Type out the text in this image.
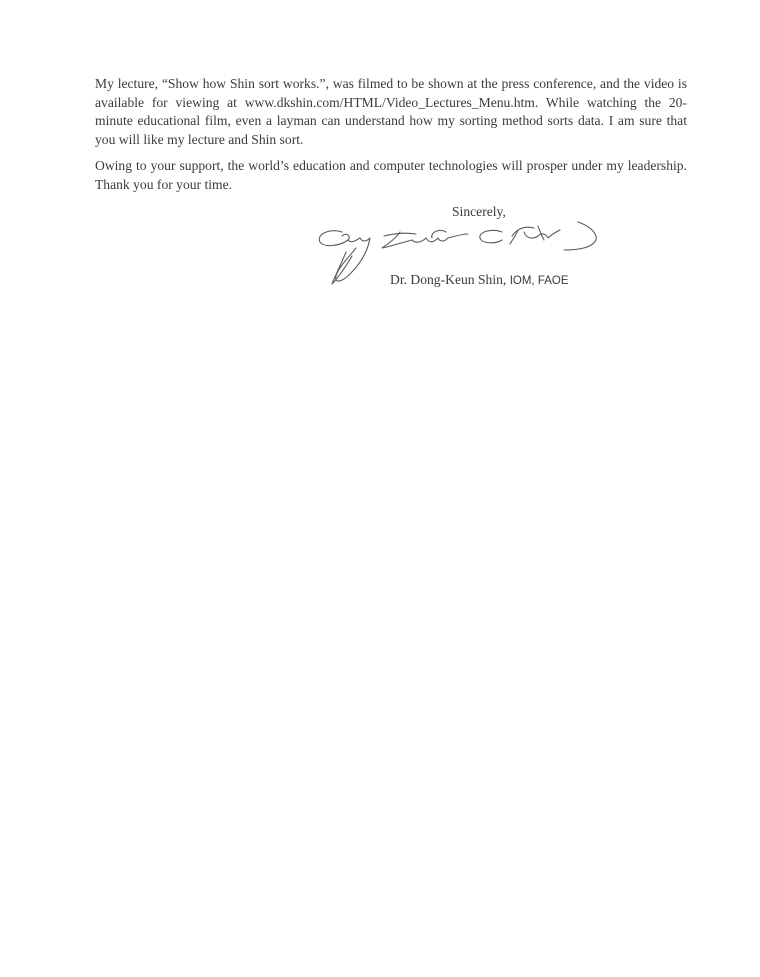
My lecture, “Show how Shin sort works.”, was filmed to be shown at the press conference, and the video is available for viewing at www.dkshin.com/HTML/Video_Lectures_Menu.htm. While watching the 20-minute educational film, even a layman can understand how my sorting method sorts data. I am sure that you will like my lecture and Shin sort.

Owing to your support, the world’s education and computer technologies will prosper under my leadership. Thank you for your time.

Sincerely,

Dr. Dong-Keun Shin, IOM, FAOE
